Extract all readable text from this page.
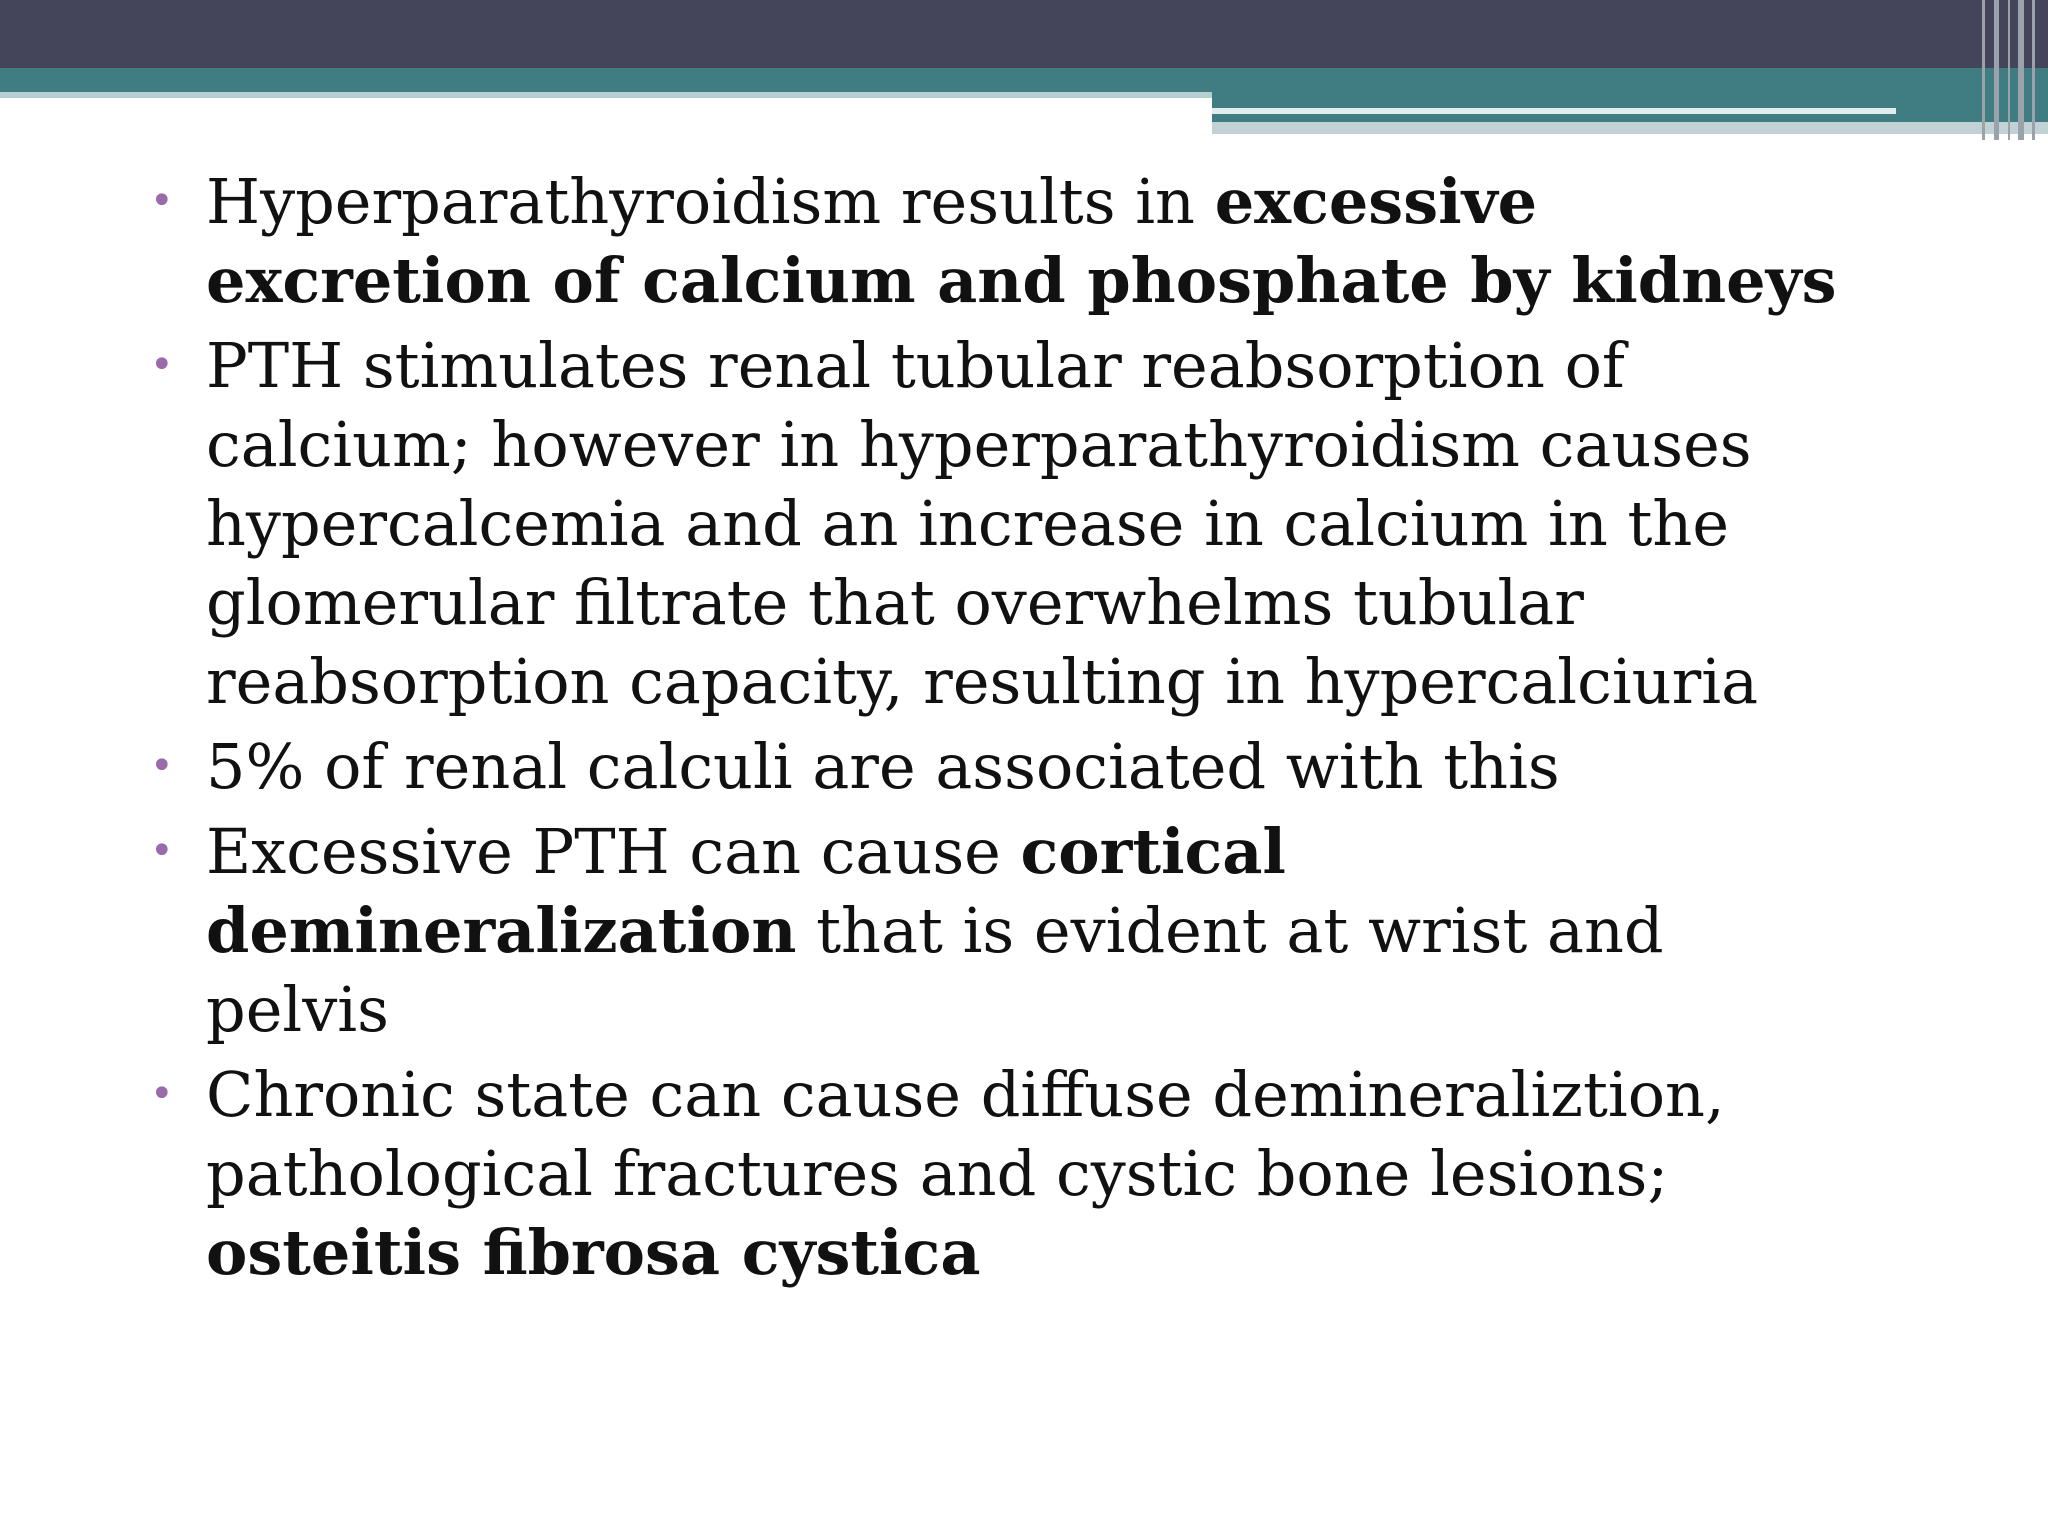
• Hyperparathyroidism results in excessive excretion of calcium and phosphate by kidneys
• PTH stimulates renal tubular reabsorption of calcium; however in hyperparathyroidism causes hypercalcemia and an increase in calcium in the glomerular filtrate that overwhelms tubular reabsorption capacity, resulting in hypercalciuria
• 5% of renal calculi are associated with this
• Excessive PTH can cause cortical demineralization that is evident at wrist and pelvis
• Chronic state can cause diffuse demineraliztion, pathological fractures and cystic bone lesions; osteitis fibrosa cystica
